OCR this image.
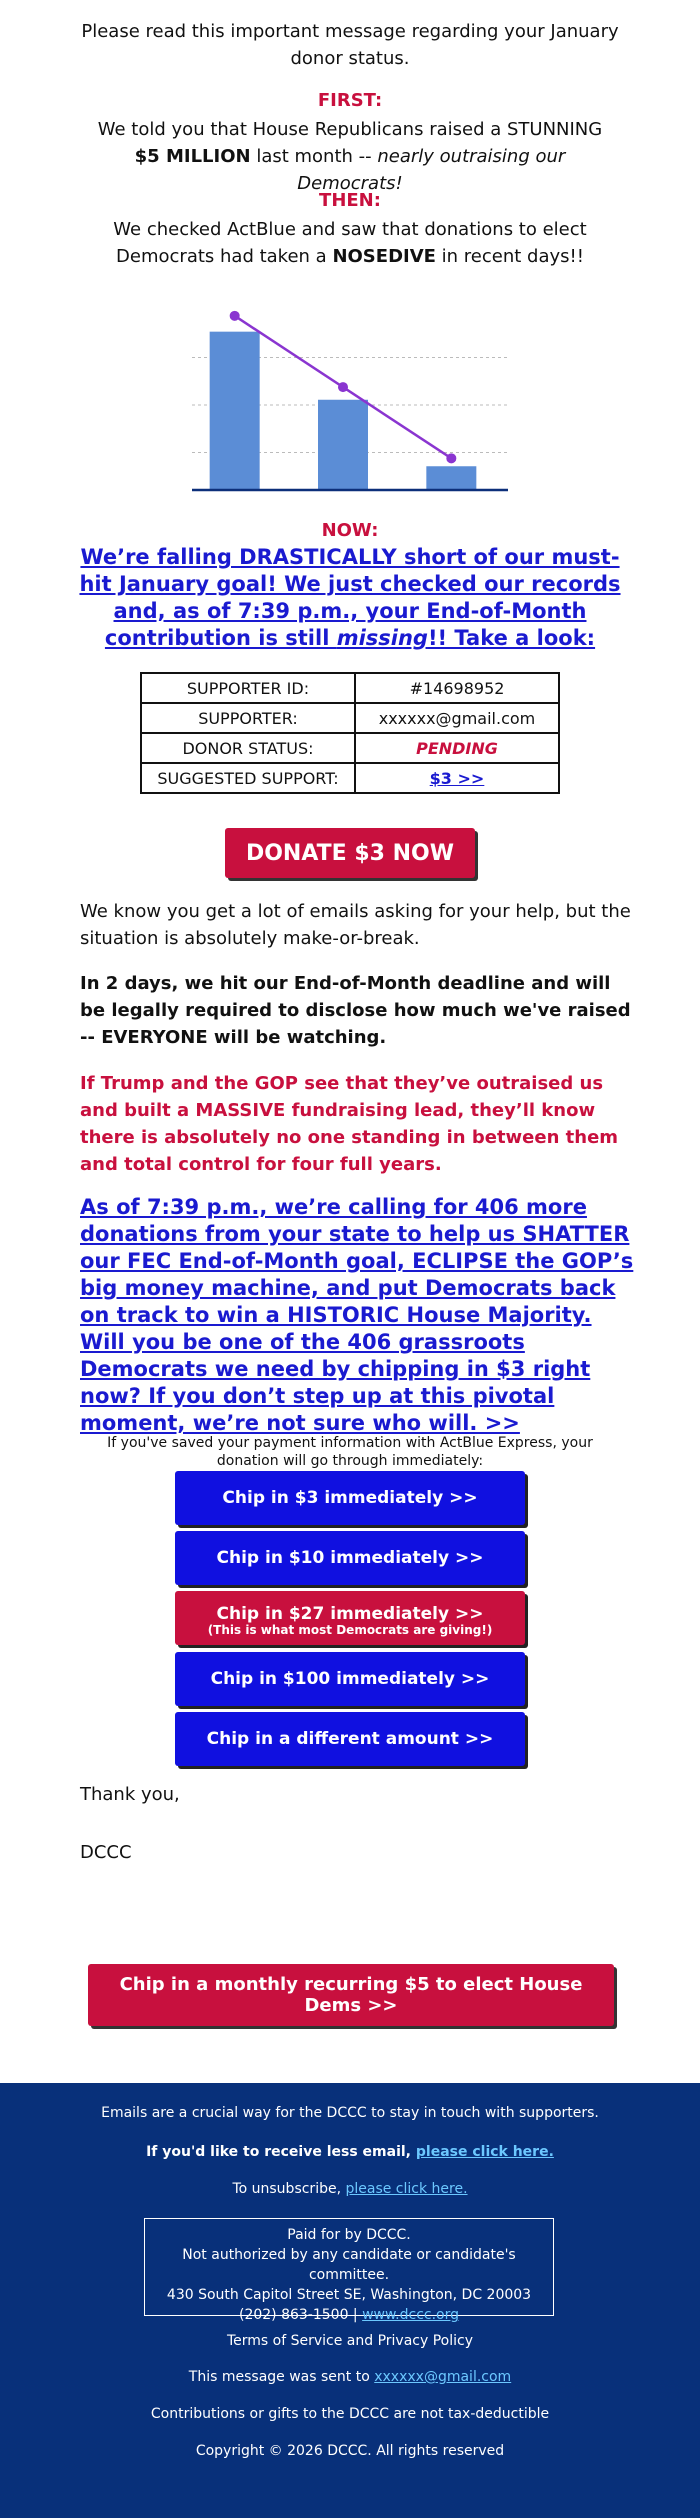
Please read this important message regarding your January donor status.
FIRST:
We told you that House Republicans raised a STUNNING $5 MILLION last month -- nearly outraising our Democrats!
THEN:
We checked ActBlue and saw that donations to elect Democrats had taken a NOSEDIVE in recent days!!
NOW:
We’re falling DRASTICALLY short of our must-hit January goal! We just checked our records and, as of 7:39 p.m., your End-of-Month contribution is still missing!! Take a look:
SUPPORTER ID:	#14698952
SUPPORTER:	xxxxxx@gmail.com
DONOR STATUS:	PENDING
SUGGESTED SUPPORT:	$3 >>
DONATE $3 NOW
We know you get a lot of emails asking for your help, but the situation is absolutely make-or-break.
In 2 days, we hit our End-of-Month deadline and will be legally required to disclose how much we've raised -- EVERYONE will be watching.
If Trump and the GOP see that they’ve outraised us and built a MASSIVE fundraising lead, they’ll know there is absolutely no one standing in between them and total control for four full years.
As of 7:39 p.m., we’re calling for 406 more donations from your state to help us SHATTER our FEC End-of-Month goal, ECLIPSE the GOP’s big money machine, and put Democrats back on track to win a HISTORIC House Majority. Will you be one of the 406 grassroots Democrats we need by chipping in $3 right now? If you don’t step up at this pivotal moment, we’re not sure who will. >>
If you've saved your payment information with ActBlue Express, your donation will go through immediately:
Chip in $3 immediately >>
Chip in $10 immediately >>
Chip in $27 immediately >>
(This is what most Democrats are giving!)
Chip in $100 immediately >>
Chip in a different amount >>
Thank you,
DCCC
Chip in a monthly recurring $5 to elect House Dems >>
Emails are a crucial way for the DCCC to stay in touch with supporters.
If you'd like to receive less email, please click here.
To unsubscribe, please click here.
Paid for by DCCC.
Not authorized by any candidate or candidate's committee.
430 South Capitol Street SE, Washington, DC 20003
(202) 863-1500 | www.dccc.org
Terms of Service and Privacy Policy
This message was sent to xxxxxx@gmail.com
Contributions or gifts to the DCCC are not tax-deductible
Copyright © 2026 DCCC. All rights reserved
